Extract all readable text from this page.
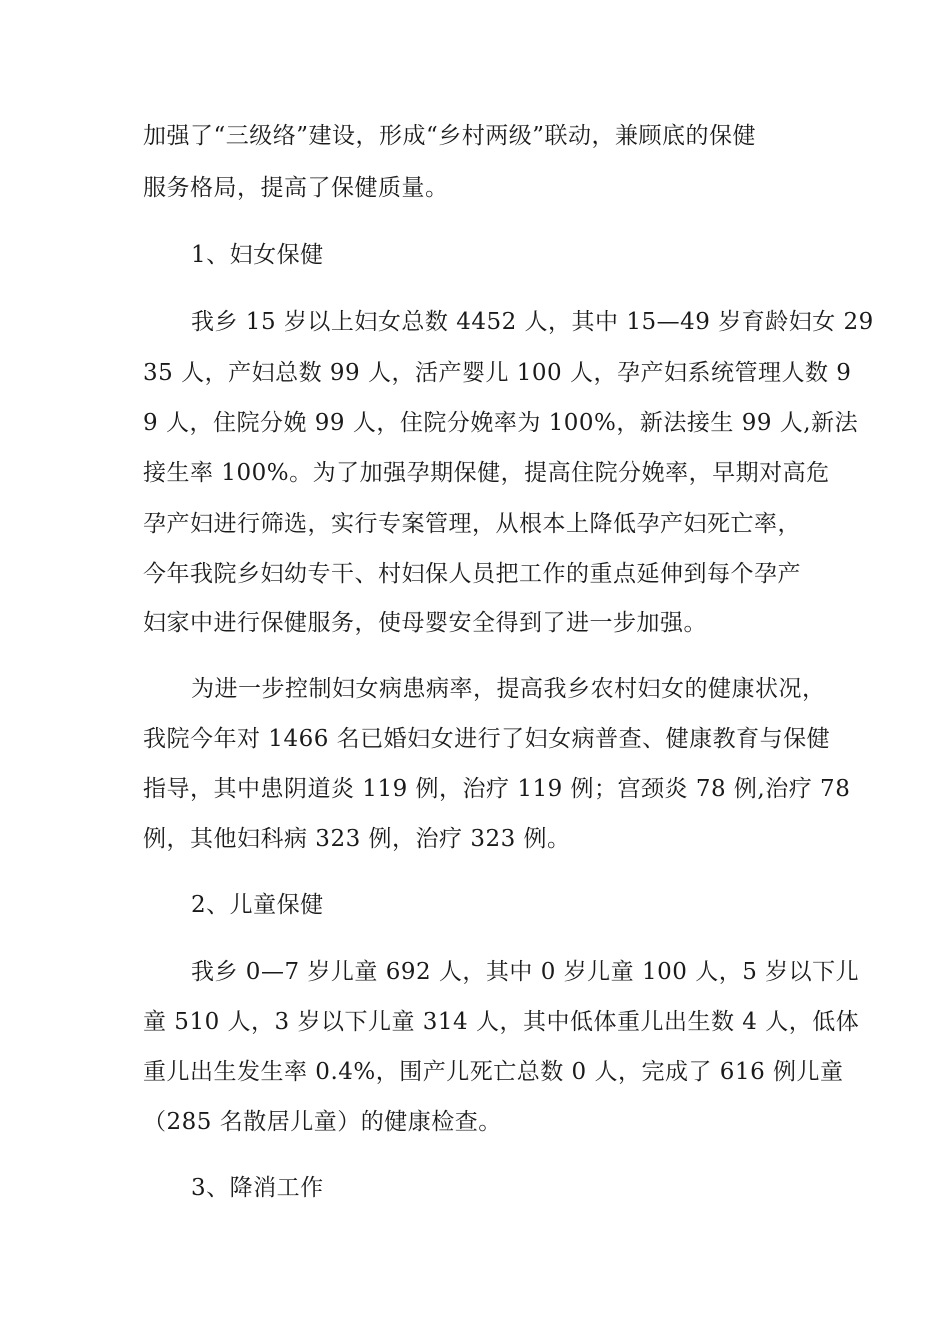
加强了“三级络”建设，形成“乡村两级”联动，兼顾底的保健
服务格局，提高了保健质量。
1、妇女保健
我乡 15 岁以上妇女总数 4452 人，其中 15—49 岁育龄妇女 29
35 人，产妇总数 99 人，活产婴儿 100 人，孕产妇系统管理人数 9
9 人，住院分娩 99 人，住院分娩率为 100%，新法接生 99 人,新法
接生率 100%。为了加强孕期保健，提高住院分娩率，早期对高危
孕产妇进行筛选，实行专案管理，从根本上降低孕产妇死亡率，
今年我院乡妇幼专干、村妇保人员把工作的重点延伸到每个孕产
妇家中进行保健服务，使母婴安全得到了进一步加强。
为进一步控制妇女病患病率，提高我乡农村妇女的健康状况，
我院今年对 1466 名已婚妇女进行了妇女病普查、健康教育与保健
指导，其中患阴道炎 119 例，治疗 119 例；宫颈炎 78 例,治疗 78
例，其他妇科病 323 例，治疗 323 例。
2、儿童保健
我乡 0—7 岁儿童 692 人，其中 0 岁儿童 100 人，5 岁以下儿
童 510 人，3 岁以下儿童 314 人，其中低体重儿出生数 4 人，低体
重儿出生发生率 0.4%，围产儿死亡总数 0 人，完成了 616 例儿童
（285 名散居儿童）的健康检查。
3、降消工作
